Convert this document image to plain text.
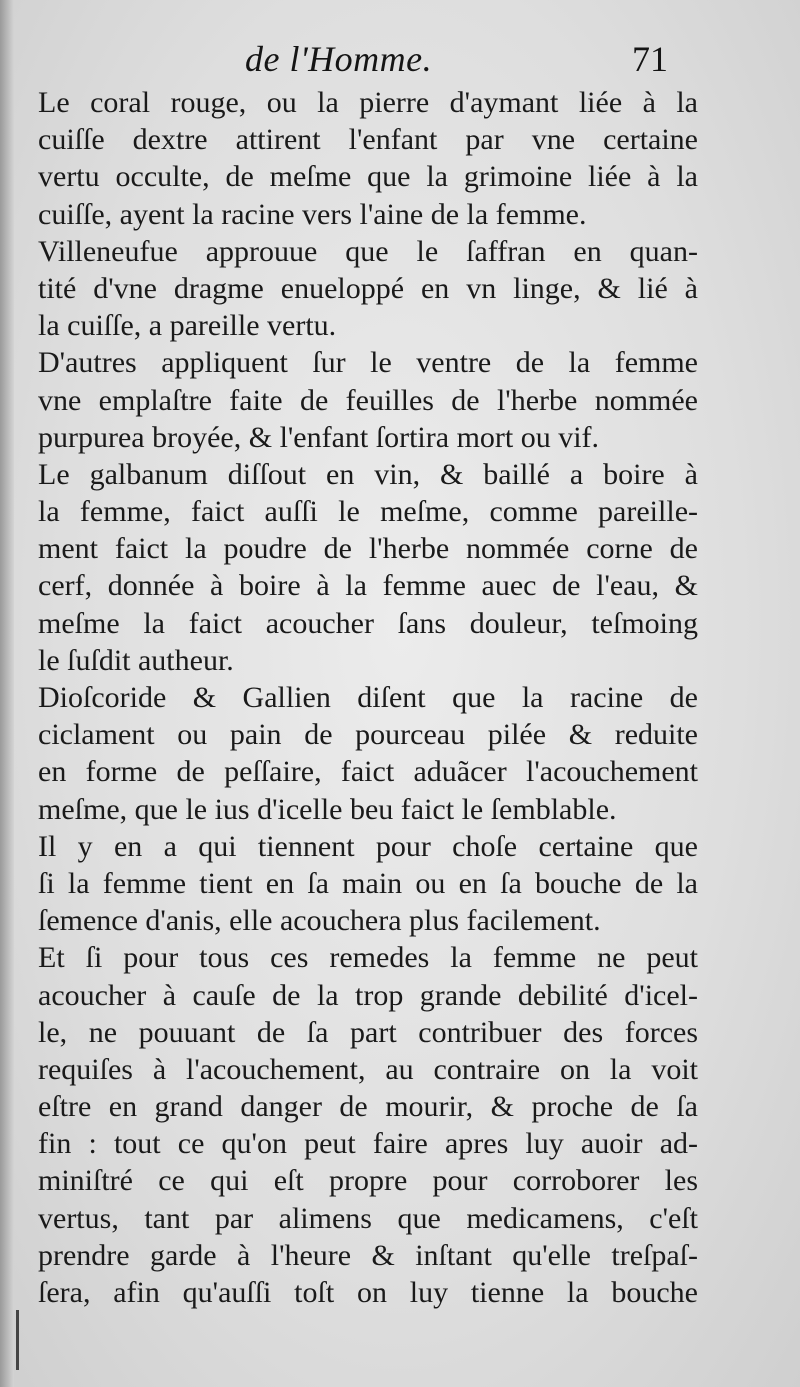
de l'Homme.	71
Le coral rouge, ou la pierre d'aymant liée à la
cuiſſe dextre attirent l'enfant par vne certaine
vertu occulte, de meſme que la grimoine liée à la
cuiſſe, ayent la racine vers l'aine de la femme.
Villeneufue approuue que le ſaffran en quan-
tité d'vne dragme enueloppé en vn linge, & lié à
la cuiſſe, a pareille vertu.
D'autres appliquent ſur le ventre de la femme
vne emplaſtre faite de feuilles de l'herbe nommée
purpurea broyée, & l'enfant ſortira mort ou vif.
Le galbanum diſſout en vin, & baillé a boire à
la femme, faict auſſi le meſme, comme pareille-
ment faict la poudre de l'herbe nommée corne de
cerf, donnée à boire à la femme auec de l'eau, &
meſme la faict acoucher ſans douleur, teſmoing
le ſuſdit autheur.
Dioſcoride & Gallien diſent que la racine de
ciclament ou pain de pourceau pilée & reduite
en forme de peſſaire, faict aduãcer l'acouchement
meſme, que le ius d'icelle beu faict le ſemblable.
Il y en a qui tiennent pour choſe certaine que
ſi la femme tient en ſa main ou en ſa bouche de la
ſemence d'anis, elle acouchera plus facilement.
Et ſi pour tous ces remedes la femme ne peut
acoucher à cauſe de la trop grande debilité d'icel-
le, ne pouuant de ſa part contribuer des forces
requiſes à l'acouchement, au contraire on la voit
eſtre en grand danger de mourir, & proche de ſa
fin : tout ce qu'on peut faire apres luy auoir ad-
miniſtré ce qui eſt propre pour corroborer les
vertus, tant par alimens que medicamens, c'eſt
prendre garde à l'heure & inſtant qu'elle treſpaſ-
ſera, afin qu'auſſi toſt on luy tienne la bouche
